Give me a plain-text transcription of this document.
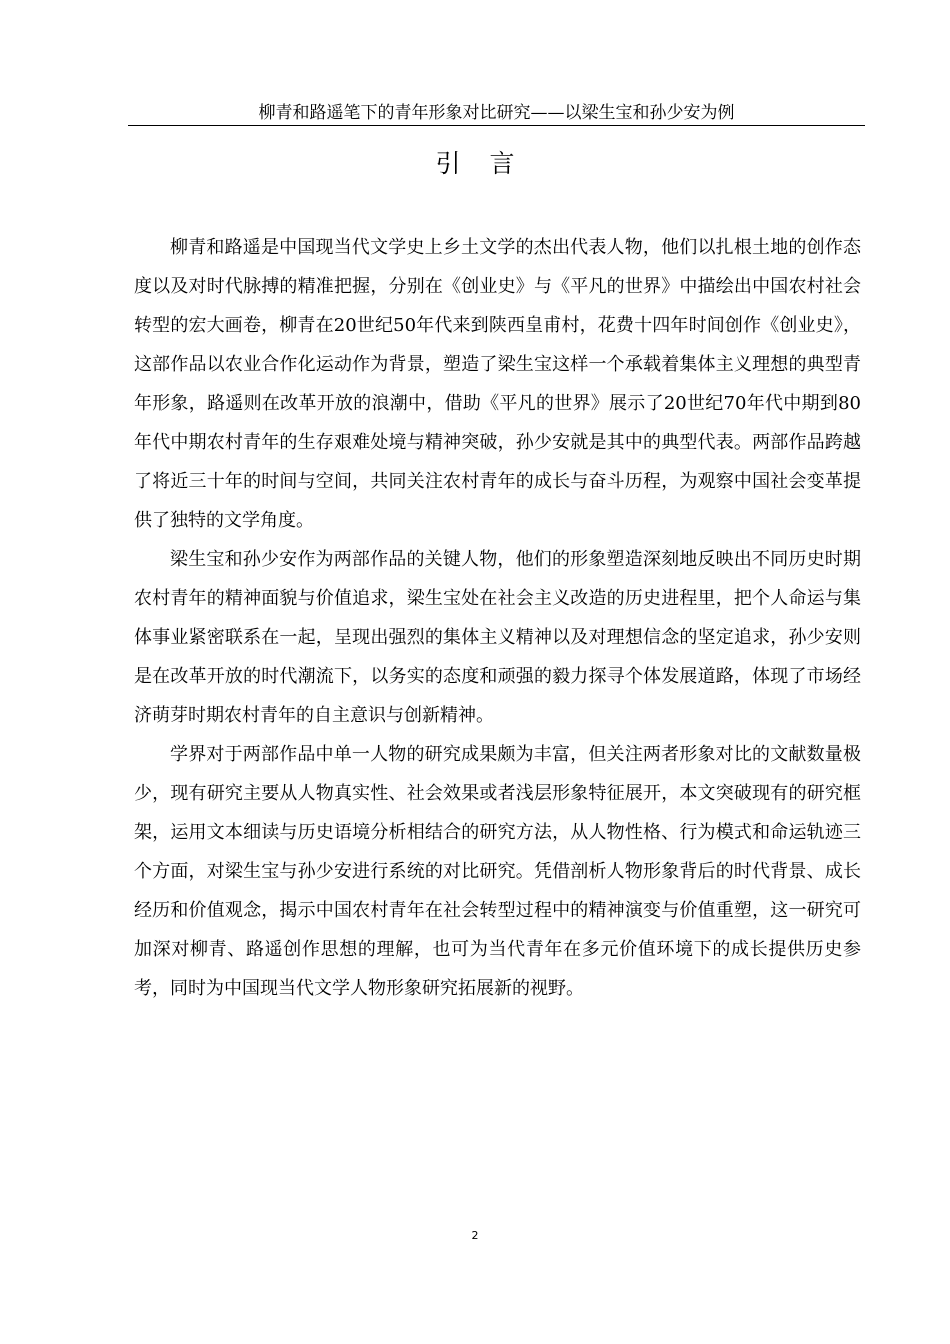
柳青和路遥笔下的青年形象对比研究——以梁生宝和孙少安为例
引言

柳青和路遥是中国现当代文学史上乡土文学的杰出代表人物，他们以扎根土地的创作态度以及对时代脉搏的精准把握，分别在《创业史》与《平凡的世界》中描绘出中国农村社会转型的宏大画卷，柳青在20世纪50年代来到陕西皇甫村，花费十四年时间创作《创业史》，这部作品以农业合作化运动作为背景，塑造了梁生宝这样一个承载着集体主义理想的典型青年形象，路遥则在改革开放的浪潮中，借助《平凡的世界》展示了20世纪70年代中期到80年代中期农村青年的生存艰难处境与精神突破，孙少安就是其中的典型代表。两部作品跨越了将近三十年的时间与空间，共同关注农村青年的成长与奋斗历程，为观察中国社会变革提供了独特的文学角度。

梁生宝和孙少安作为两部作品的关键人物，他们的形象塑造深刻地反映出不同历史时期农村青年的精神面貌与价值追求，梁生宝处在社会主义改造的历史进程里，把个人命运与集体事业紧密联系在一起，呈现出强烈的集体主义精神以及对理想信念的坚定追求，孙少安则是在改革开放的时代潮流下，以务实的态度和顽强的毅力探寻个体发展道路，体现了市场经济萌芽时期农村青年的自主意识与创新精神。

学界对于两部作品中单一人物的研究成果颇为丰富，但关注两者形象对比的文献数量极少，现有研究主要从人物真实性、社会效果或者浅层形象特征展开，本文突破现有的研究框架，运用文本细读与历史语境分析相结合的研究方法，从人物性格、行为模式和命运轨迹三个方面，对梁生宝与孙少安进行系统的对比研究。凭借剖析人物形象背后的时代背景、成长经历和价值观念，揭示中国农村青年在社会转型过程中的精神演变与价值重塑，这一研究可加深对柳青、路遥创作思想的理解，也可为当代青年在多元价值环境下的成长提供历史参考，同时为中国现当代文学人物形象研究拓展新的视野。

2
